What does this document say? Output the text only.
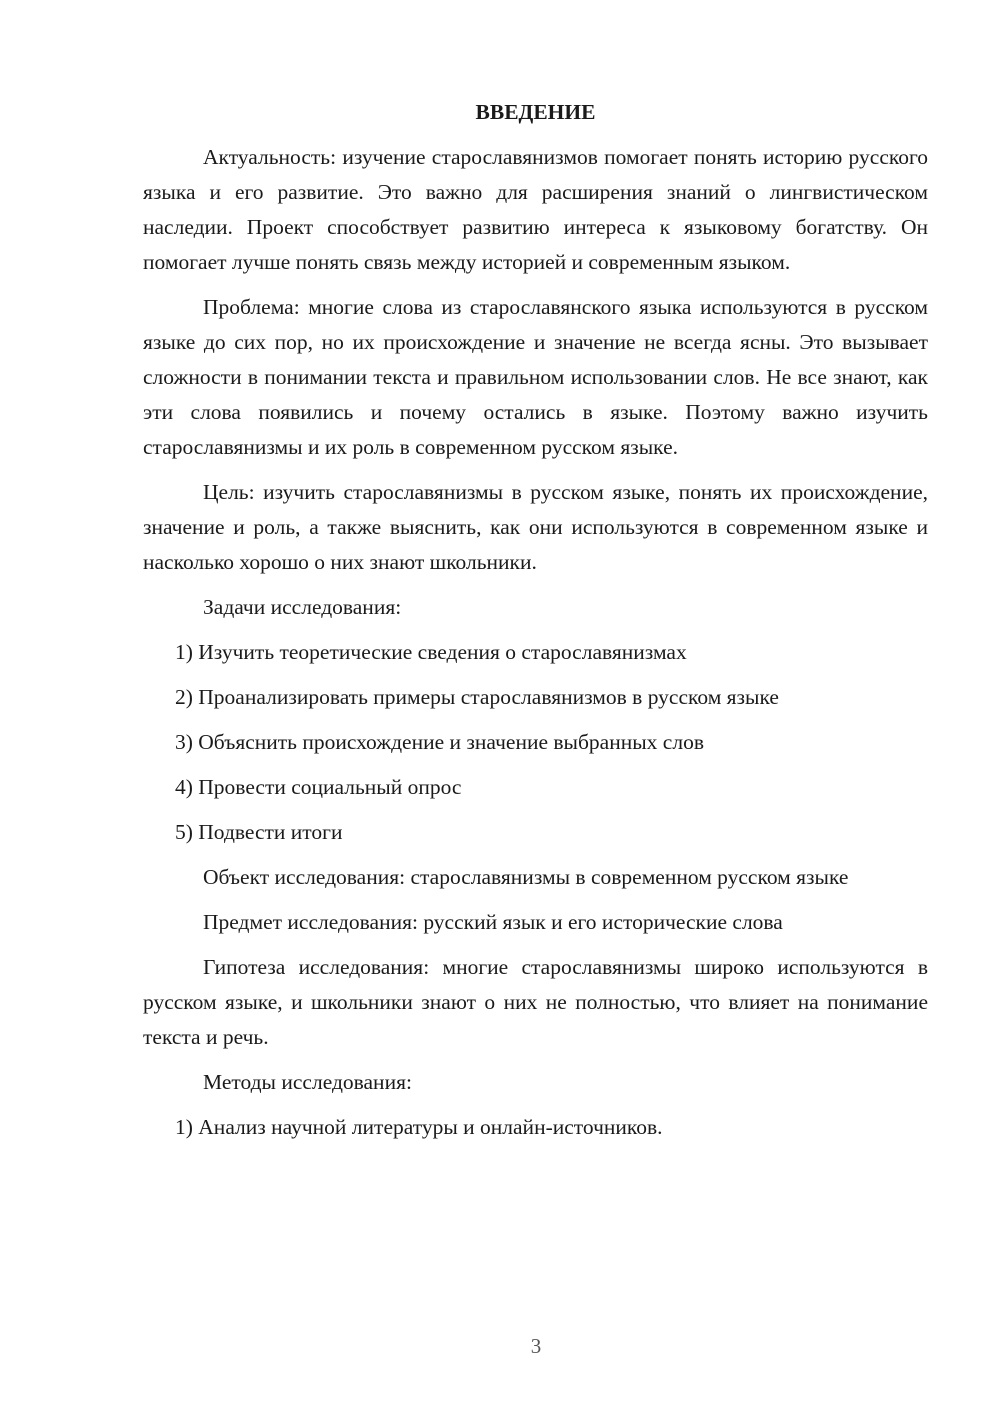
ВВЕДЕНИЕ

Актуальность: изучение старославянизмов помогает понять историю русского языка и его развитие. Это важно для расширения знаний о лингвистическом наследии. Проект способствует развитию интереса к языковому богатству. Он помогает лучше понять связь между историей и современным языком.

Проблема: многие слова из старославянского языка используются в русском языке до сих пор, но их происхождение и значение не всегда ясны. Это вызывает сложности в понимании текста и правильном использовании слов. Не все знают, как эти слова появились и почему остались в языке. Поэтому важно изучить старославянизмы и их роль в современном русском языке.

Цель: изучить старославянизмы в русском языке, понять их происхождение, значение и роль, а также выяснить, как они используются в современном языке и насколько хорошо о них знают школьники.

Задачи исследования:

1) Изучить теоретические сведения о старославянизмах
2) Проанализировать примеры старославянизмов в русском языке
3) Объяснить происхождение и значение выбранных слов
4) Провести социальный опрос
5) Подвести итоги

Объект исследования: старославянизмы в современном русском языке

Предмет исследования: русский язык и его исторические слова

Гипотеза исследования: многие старославянизмы широко используются в русском языке, и школьники знают о них не полностью, что влияет на понимание текста и речь.

Методы исследования:

1) Анализ научной литературы и онлайн-источников.
3
